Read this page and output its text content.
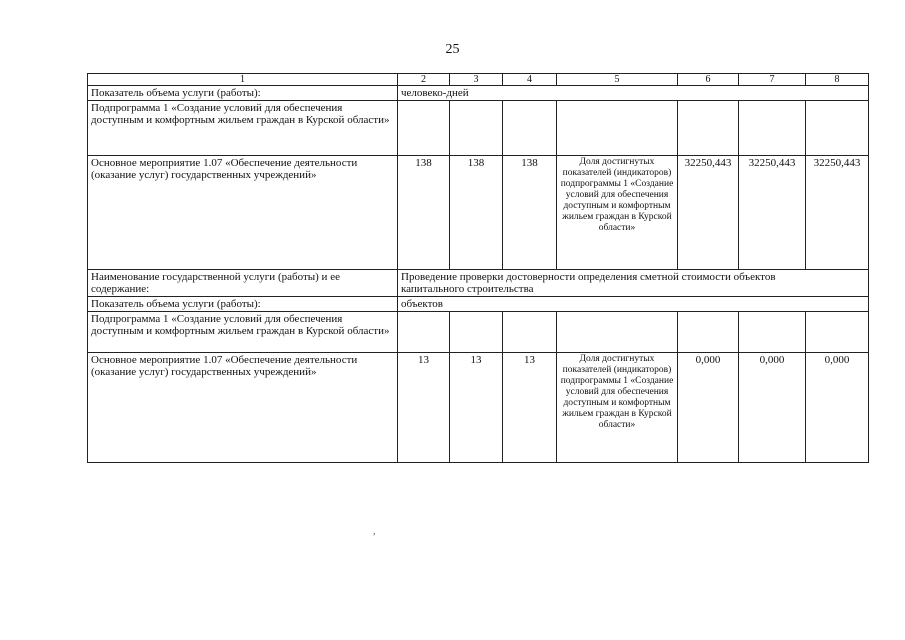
25
1	2	3	4	5	6	7	8
Показатель объема услуги (работы):	человеко-дней						
Подпрограмма 1 «Создание условий для обеспечения доступным и комфортным жильем граждан в Курской области»							
Основное мероприятие 1.07 «Обеспечение деятельности (оказание услуг) государственных учреждений»	138	138	138	Доля достигнутых показателей (индикаторов) подпрограммы 1 «Создание условий для обеспечения доступным и комфортным жильем граждан в Курской области»	32250,443	32250,443	32250,443
Наименование государственной услуги (работы) и ее содержание:	Проведение проверки достоверности определения сметной стоимости объектов
капитального строительства						

Показатель объема услуги (работы):	объектов						
Подпрограмма 1 «Создание условий для обеспечения доступным и комфортным жильем граждан в Курской области»							
Основное мероприятие 1.07 «Обеспечение деятельности (оказание услуг) государственных учреждений»	13	13	13	Доля достигнутых показателей (индикаторов) подпрограммы 1 «Создание условий для обеспечения доступным и комфортным жильем граждан в Курской области»	0,000	0,000	0,000
,
